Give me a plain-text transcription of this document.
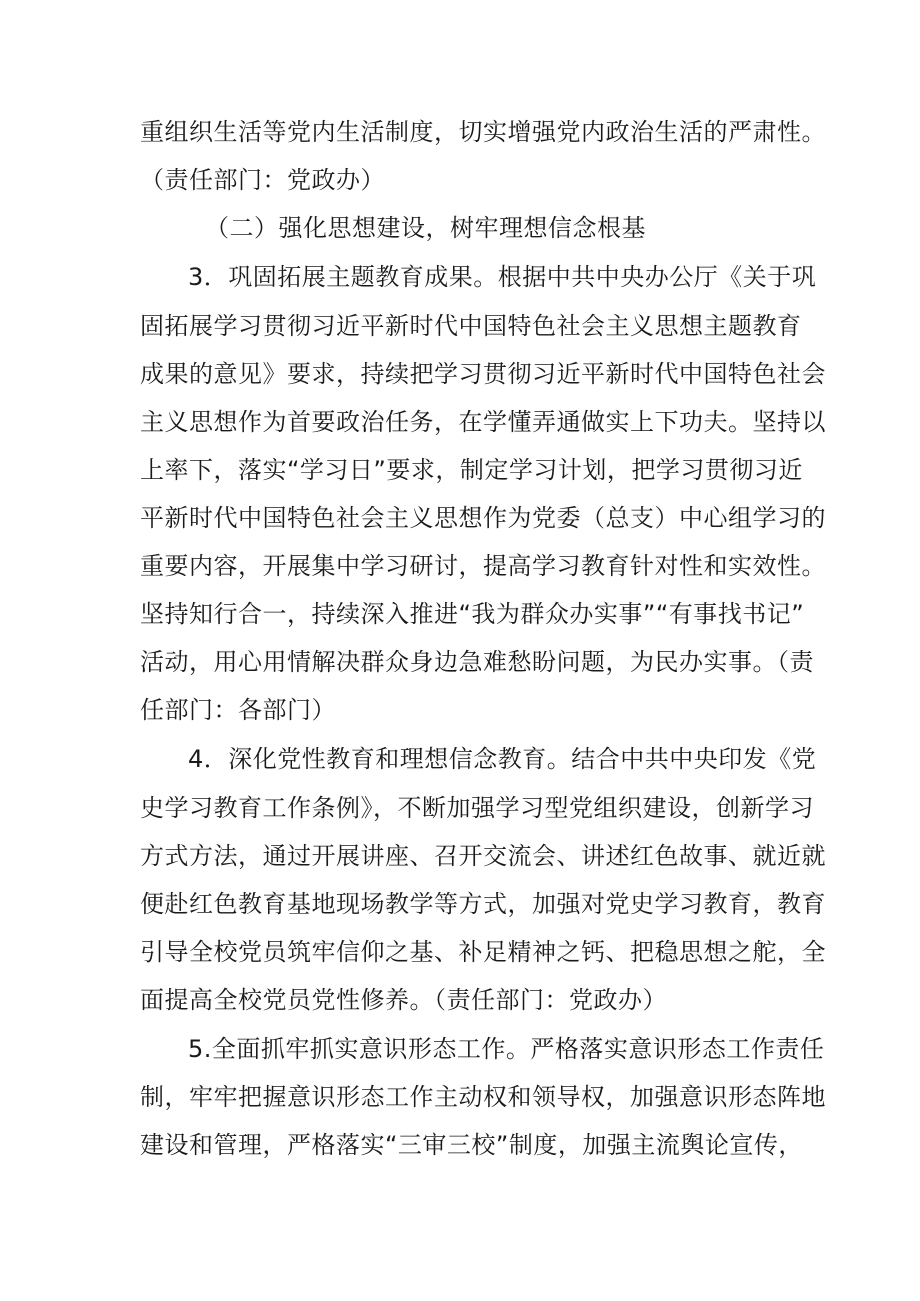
重组织生活等党内生活制度，切实增强党内政治生活的严肃性。
（责任部门：党政办）
（二）强化思想建设，树牢理想信念根基
3．巩固拓展主题教育成果。根据中共中央办公厅《关于巩
固拓展学习贯彻习近平新时代中国特色社会主义思想主题教育
成果的意见》要求，持续把学习贯彻习近平新时代中国特色社会
主义思想作为首要政治任务，在学懂弄通做实上下功夫。坚持以
上率下，落实“学习日”要求，制定学习计划，把学习贯彻习近
平新时代中国特色社会主义思想作为党委（总支）中心组学习的
重要内容，开展集中学习研讨，提高学习教育针对性和实效性。
坚持知行合一，持续深入推进“我为群众办实事”“有事找书记”
活动，用心用情解决群众身边急难愁盼问题，为民办实事。（责
任部门：各部门）
4．深化党性教育和理想信念教育。结合中共中央印发《党
史学习教育工作条例》，不断加强学习型党组织建设，创新学习
方式方法，通过开展讲座、召开交流会、讲述红色故事、就近就
便赴红色教育基地现场教学等方式，加强对党史学习教育，教育
引导全校党员筑牢信仰之基、补足精神之钙、把稳思想之舵，全
面提高全校党员党性修养。（责任部门：党政办）
5.全面抓牢抓实意识形态工作。严格落实意识形态工作责任
制，牢牢把握意识形态工作主动权和领导权，加强意识形态阵地
建设和管理，严格落实“三审三校”制度，加强主流舆论宣传，
